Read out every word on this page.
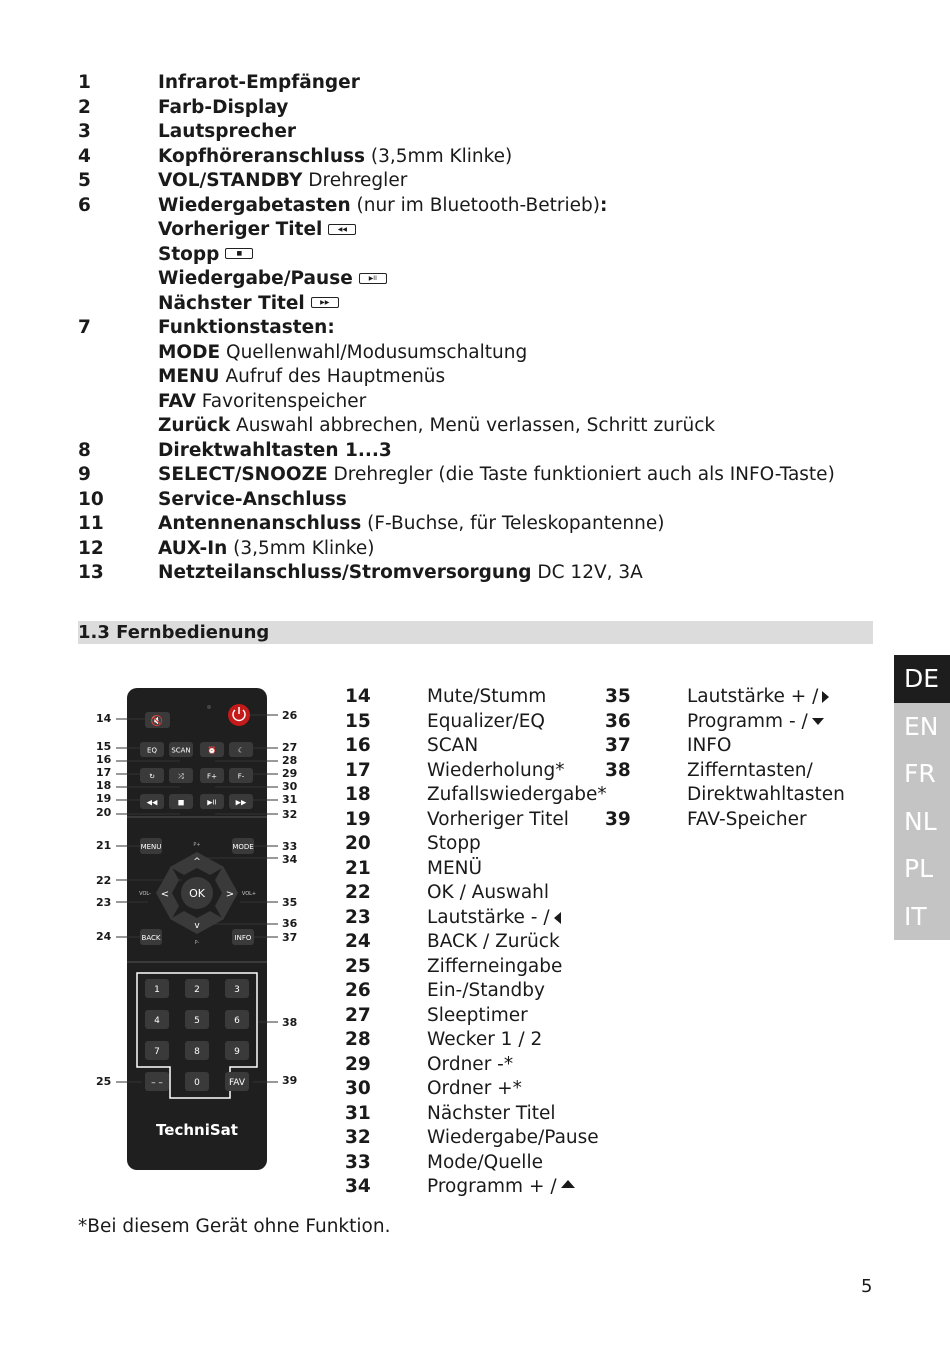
1	Infrarot-Empfänger
2	Farb-Display
3	Lautsprecher
4	Kopfhöreranschluss (3,5mm Klinke)
5	VOL/STANDBY Drehregler
6	Wiedergabetasten (nur im Bluetooth-Betrieb):
Vorheriger Titel	◀◀
Stopp	■
Wiedergabe/Pause	▶II
Nächster Titel	▶▶
7	Funktionstasten:
MODE Quellenwahl/Modusumschaltung
MENU Aufruf des Hauptmenüs
FAV Favoritenspeicher
Zurück Auswahl abbrechen, Menü verlassen, Schritt zurück
8	Direktwahltasten 1...3
9	SELECT/SNOOZE Drehregler (die Taste funktioniert auch als INFO-Taste)
10	Service-Anschluss
11	Antennenanschluss (F-Buchse, für Teleskopantenne)
12	AUX-In (3,5mm Klinke)
13	Netzteilanschluss/Stromversorgung DC 12V, 3A
1.3 Fernbedienung
DE
EN
FR
NL
PL
IT
🔇
EQ SCAN ⏰	☾
↻	⤮	F+	F-
◀◀	■	▶II	▶▶
MENU	MODE
BACK	INFO
OK
^
v
<	>
P+
P-
VOL-	VOL+
1	2	3
4	5	6
7	8	9
0
– –	FAV
TechniSat
14
15
16
17
18
19
20
21
22
23
24
25
26
27
28
29
30
31
32
33
34
35
36
37
38
39
14	Mute/Stumm
15	Equalizer/EQ
16	SCAN
17	Wiederholung*
18	Zufallswiedergabe*
19	Vorheriger Titel
20	Stopp
21	MENÜ
22	OK / Auswahl
23	Lautstärke - /
24	BACK / Zurück
25	Zifferneingabe
26	Ein-/Standby
27	Sleeptimer
28	Wecker 1 / 2
29	Ordner -*
30	Ordner +*
31	Nächster Titel
32	Wiedergabe/Pause
33	Mode/Quelle
34	Programm + /
35	Lautstärke + /
36	Programm - /
37	INFO
38	Zifferntasten/
Direktwahltasten
39	FAV-Speicher
*Bei diesem Gerät ohne Funktion.
5
